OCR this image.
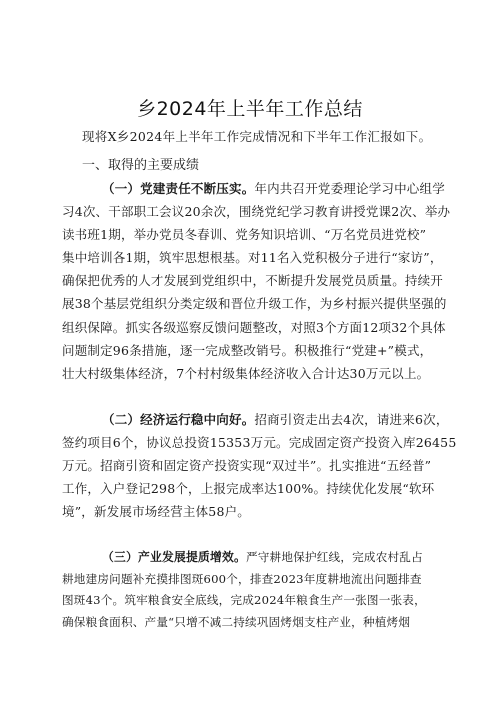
乡2024年上半年工作总结
现将X乡2024年上半年工作完成情况和下半年工作汇报如下。
一、取得的主要成绩
（一）党建责任不断压实。年内共召开党委理论学习中心组学
习4次、干部职工会议20余次，围绕党纪学习教育讲授党课2次、举办
读书班1期，举办党员冬春训、党务知识培训、“万名党员进党校”
集中培训各1期，筑牢思想根基。对11名入党积极分子进行“家访”，
确保把优秀的人才发展到党组织中，不断提升发展党员质量。持续开
展38个基层党组织分类定级和晋位升级工作，为乡村振兴提供坚强的
组织保障。抓实各级巡察反馈问题整改，对照3个方面12项32个具体
问题制定96条措施，逐一完成整改销号。积极推行“党建+”模式，
壮大村级集体经济，7个村村级集体经济收入合计达30万元以上。
（二）经济运行稳中向好。招商引资走出去4次，请进来6次，
签约项目6个，协议总投资15353万元。完成固定资产投资入库26455
万元。招商引资和固定资产投资实现“双过半”。扎实推进“五经普”
工作，入户登记298个，上报完成率达100%。持续优化发展“软环
境”，新发展市场经营主体58户。
（三）产业发展提质增效。严守耕地保护红线，完成农村乱占
耕地建房问题补充摸排图斑600个，排查2023年度耕地流出问题排查
图斑43个。筑牢粮食安全底线，完成2024年粮食生产一张图一张表，
确保粮食面积、产量“只增不减二持续巩固烤烟支柱产业，种植烤烟
